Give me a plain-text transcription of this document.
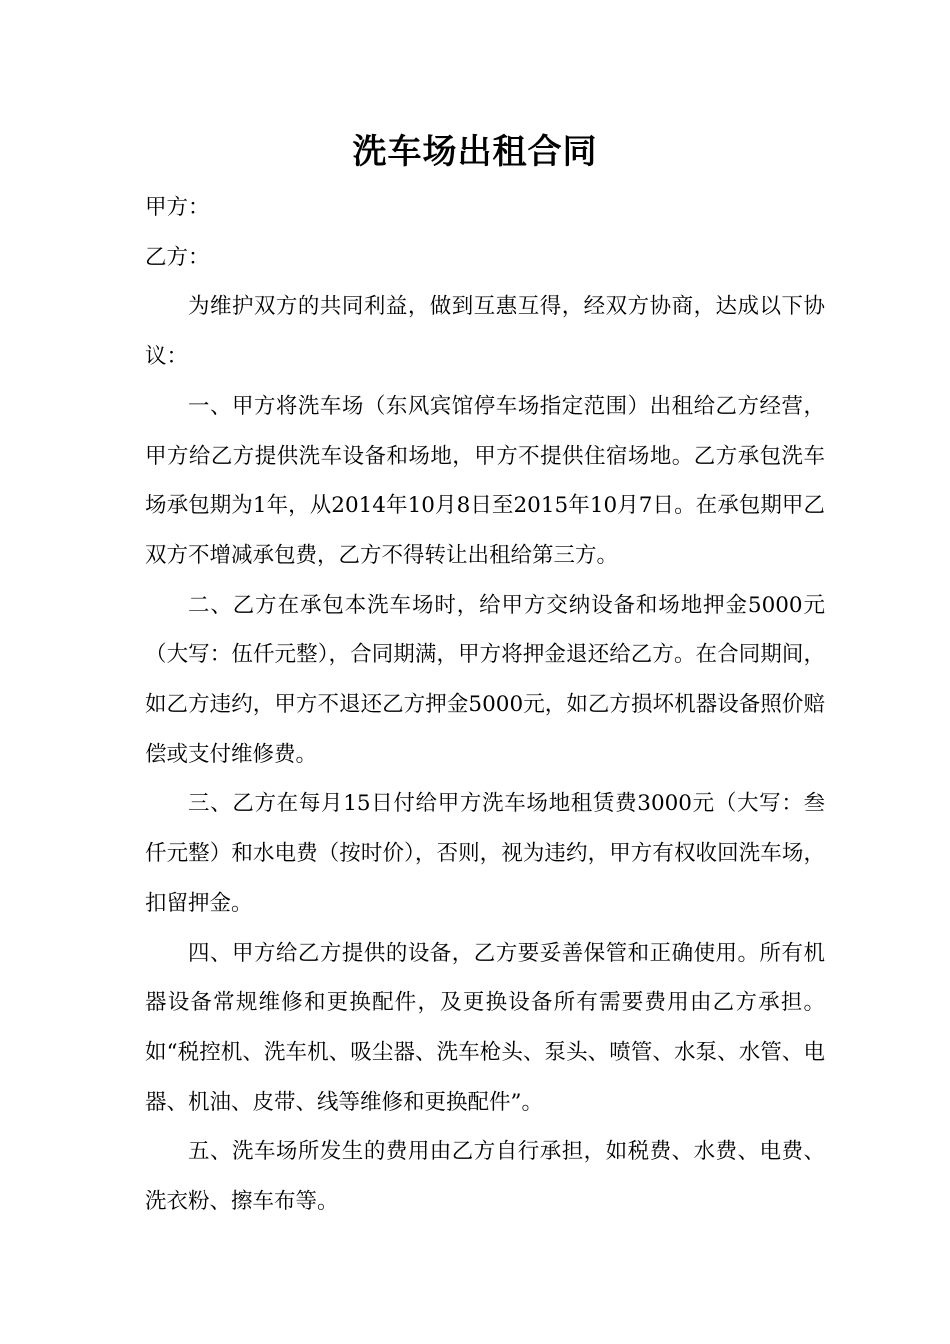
洗车场出租合同

甲方：

乙方：

为维护双方的共同利益，做到互惠互得，经双方协商，达成以下协议：

一、甲方将洗车场（东风宾馆停车场指定范围）出租给乙方经营，甲方给乙方提供洗车设备和场地，甲方不提供住宿场地。乙方承包洗车场承包期为1年，从2014年10月8日至2015年10月7日。在承包期甲乙双方不增减承包费，乙方不得转让出租给第三方。

二、乙方在承包本洗车场时，给甲方交纳设备和场地押金5000元（大写：伍仟元整），合同期满，甲方将押金退还给乙方。在合同期间，如乙方违约，甲方不退还乙方押金5000元，如乙方损坏机器设备照价赔偿或支付维修费。

三、乙方在每月15日付给甲方洗车场地租赁费3000元（大写：叁仟元整）和水电费（按时价），否则，视为违约，甲方有权收回洗车场，扣留押金。

四、甲方给乙方提供的设备，乙方要妥善保管和正确使用。所有机器设备常规维修和更换配件，及更换设备所有需要费用由乙方承担。如“税控机、洗车机、吸尘器、洗车枪头、泵头、喷管、水泵、水管、电器、机油、皮带、线等维修和更换配件”。

五、洗车场所发生的费用由乙方自行承担，如税费、水费、电费、洗衣粉、擦车布等。
